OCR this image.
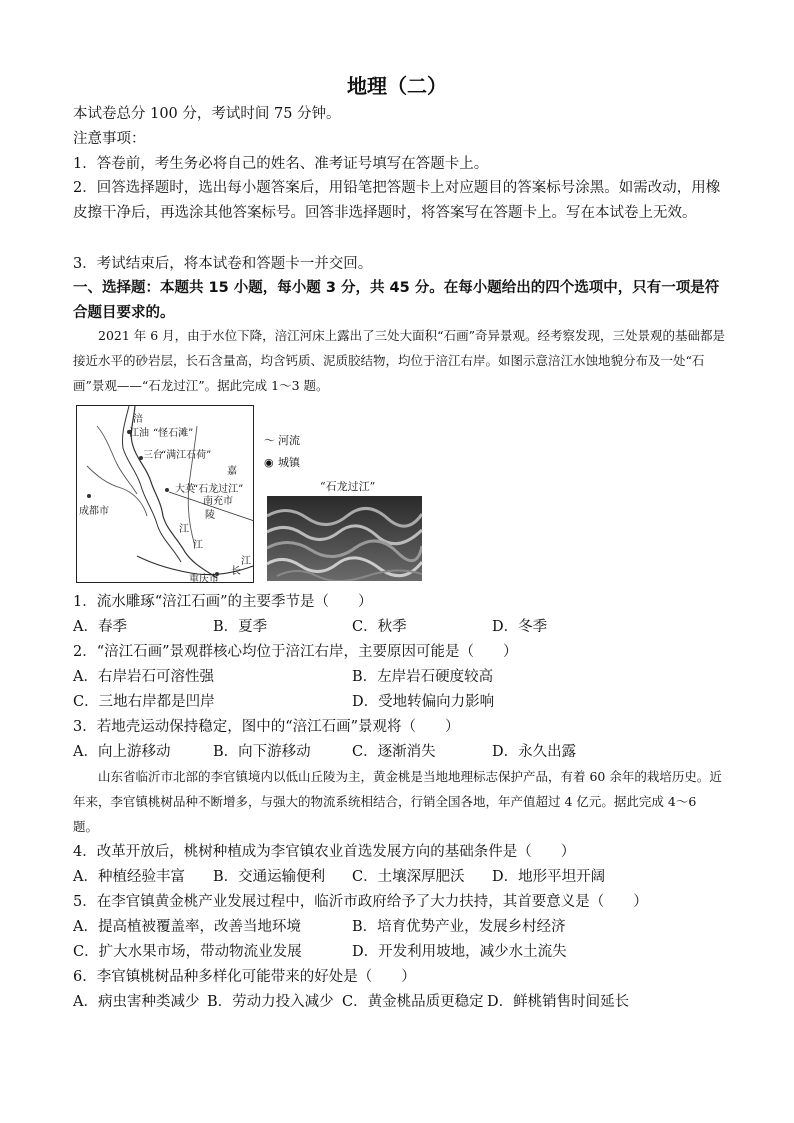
地理（二）
本试卷总分 100 分，考试时间 75 分钟。
注意事项：
1．答卷前，考生务必将自己的姓名、准考证号填写在答题卡上。
2．回答选择题时，选出每小题答案后，用铅笔把答题卡上对应题目的答案标号涂黑。如需改动，用橡皮擦干净后，再选涂其他答案标号。回答非选择题时，将答案写在答题卡上。写在本试卷上无效。
3．考试结束后，将本试卷和答题卡一并交回。
一、选择题：本题共 15 小题，每小题 3 分，共 45 分。在每小题给出的四个选项中，只有一项是符合题目要求的。
2021 年 6 月，由于水位下降，涪江河床上露出了三处大面积“石画”奇异景观。经考察发现，三处景观的基础都是接近水平的砂岩层，长石含量高，均含钙质、泥质胶结物，均位于涪江右岸。如图示意涪江水蚀地貌分布及一处“石画”景观——“石龙过江”。据此完成 1～3 题。
涪
江油 “怪石滩”
三台
“满江石荷”
嘉
大英
“石龙过江”
南充市
陵
成都市
江
江
江
长
重庆市
〜 河流
◉ 城镇
“石龙过江”
1．流水雕琢“涪江石画”的主要季节是（　　）
A．春季	B．夏季	C．秋季	D．冬季
2．“涪江石画”景观群核心均位于涪江右岸，主要原因可能是（　　）
A．右岸岩石可溶性强	B．左岸岩石硬度较高
C．三地右岸都是凹岸	D．受地转偏向力影响
3．若地壳运动保持稳定，图中的“涪江石画”景观将（　　）
A．向上游移动	B．向下游移动	C．逐渐消失	D．永久出露
山东省临沂市北部的李官镇境内以低山丘陵为主，黄金桃是当地地理标志保护产品，有着 60 余年的栽培历史。近年来，李官镇桃树品种不断增多，与强大的物流系统相结合，行销全国各地，年产值超过 4 亿元。据此完成 4～6 题。
4．改革开放后，桃树种植成为李官镇农业首选发展方向的基础条件是（　　）
A．种植经验丰富 B．交通运输便利 C．土壤深厚肥沃 D．地形平坦开阔
5．在李官镇黄金桃产业发展过程中，临沂市政府给予了大力扶持，其首要意义是（　　）
A．提高植被覆盖率，改善当地环境	B．培育优势产业，发展乡村经济
C．扩大水果市场，带动物流业发展	D．开发利用坡地，减少水土流失
6．李官镇桃树品种多样化可能带来的好处是（　　）
A．病虫害种类减少 B．劳动力投入减少 C．黄金桃品质更稳定 D．鲜桃销售时间延长
